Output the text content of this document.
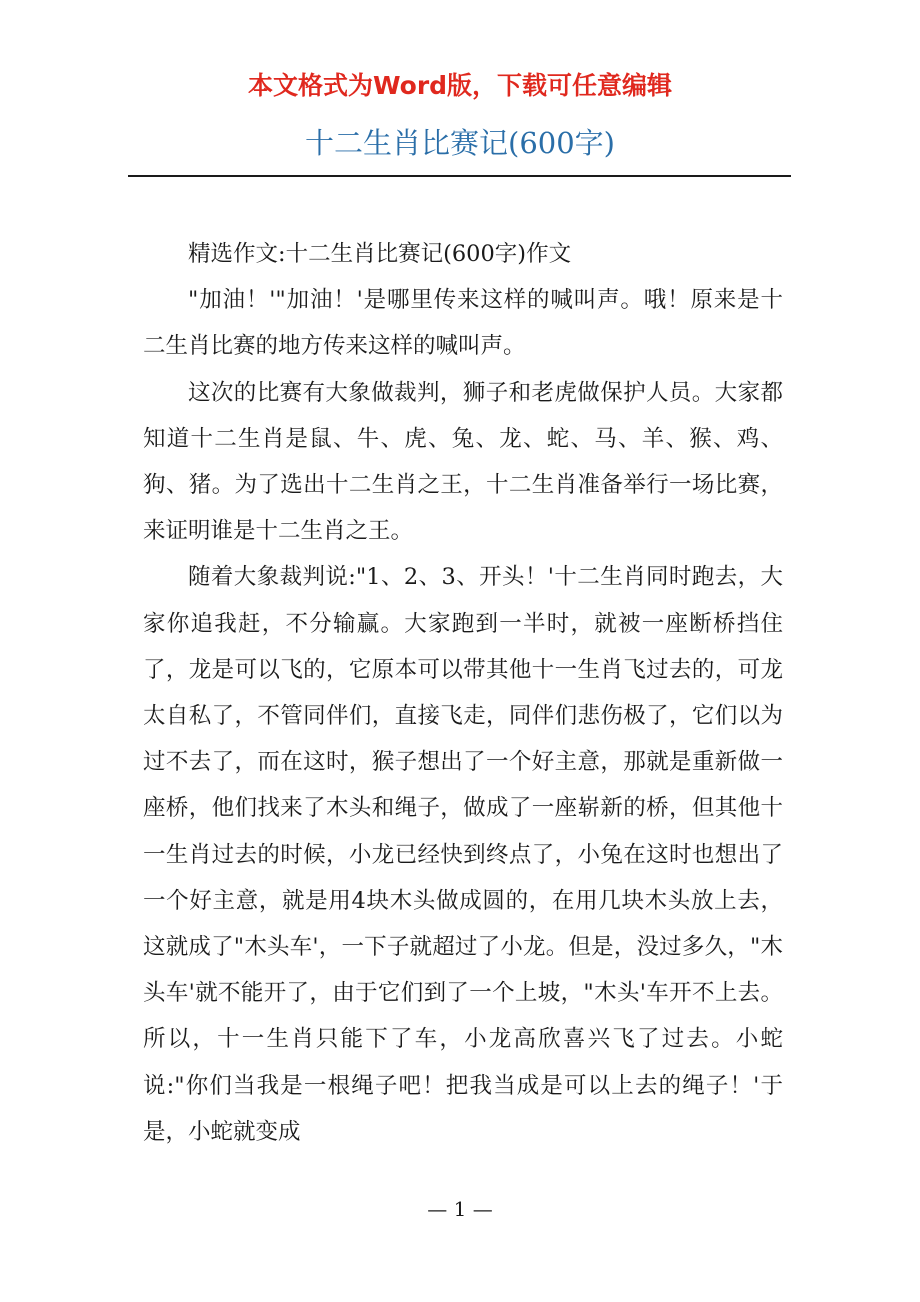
本文格式为Word版，下载可任意编辑
十二生肖比赛记(600字)

精选作文:十二生肖比赛记(600字)作文

"加油！'"加油！'是哪里传来这样的喊叫声。哦！原来是十二生肖比赛的地方传来这样的喊叫声。

这次的比赛有大象做裁判，狮子和老虎做保护人员。大家都知道十二生肖是鼠、牛、虎、兔、龙、蛇、马、羊、猴、鸡、狗、猪。为了选出十二生肖之王，十二生肖准备举行一场比赛，来证明谁是十二生肖之王。

随着大象裁判说:"1、2、3、开头！'十二生肖同时跑去，大家你追我赶，不分输赢。大家跑到一半时，就被一座断桥挡住了，龙是可以飞的，它原本可以带其他十一生肖飞过去的，可龙太自私了，不管同伴们，直接飞走，同伴们悲伤极了，它们以为过不去了，而在这时，猴子想出了一个好主意，那就是重新做一座桥，他们找来了木头和绳子，做成了一座崭新的桥，但其他十一生肖过去的时候，小龙已经快到终点了，小兔在这时也想出了一个好主意，就是用4块木头做成圆的，在用几块木头放上去，这就成了"木头车'，一下子就超过了小龙。但是，没过多久，"木头车'就不能开了，由于它们到了一个上坡，"木头'车开不上去。所以，十一生肖只能下了车，小龙高欣喜兴飞了过去。小蛇说:"你们当我是一根绳子吧！把我当成是可以上去的绳子！'于是，小蛇就变成

— 1 —
